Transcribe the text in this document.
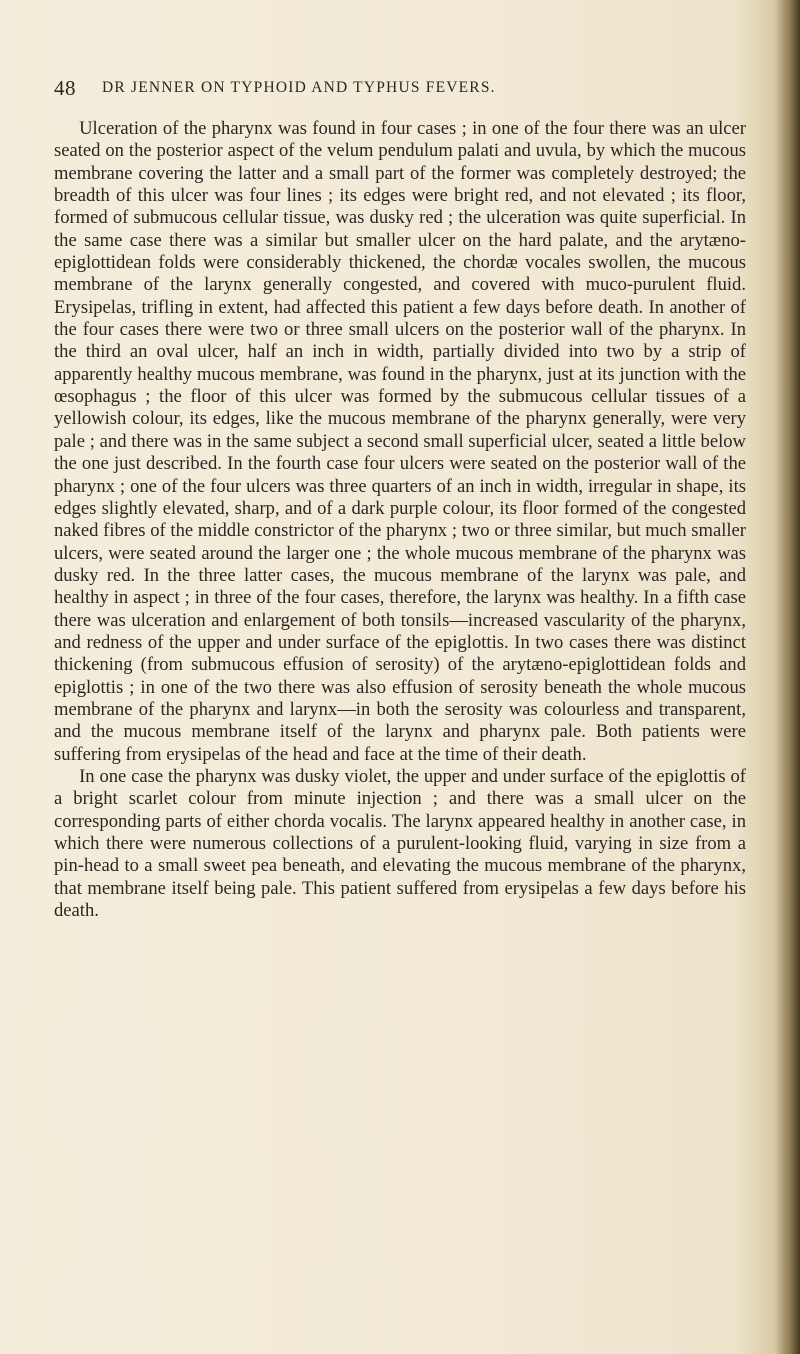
48 DR JENNER ON TYPHOID AND TYPHUS FEVERS.

Ulceration of the pharynx was found in four cases ; in one of the four there was an ulcer seated on the posterior aspect of the velum pendulum palati and uvula, by which the mucous membrane covering the latter and a small part of the former was completely destroyed; the breadth of this ulcer was four lines ; its edges were bright red, and not elevated ; its floor, formed of submucous cellular tissue, was dusky red ; the ulceration was quite superficial. In the same case there was a similar but smaller ulcer on the hard palate, and the arytæno-epiglottidean folds were considerably thickened, the chordæ vocales swollen, the mucous membrane of the larynx generally congested, and covered with muco-purulent fluid. Erysipelas, trifling in extent, had affected this patient a few days before death. In another of the four cases there were two or three small ulcers on the posterior wall of the pharynx. In the third an oval ulcer, half an inch in width, partially divided into two by a strip of apparently healthy mucous membrane, was found in the pharynx, just at its junction with the œsophagus ; the floor of this ulcer was formed by the submucous cellular tissues of a yellowish colour, its edges, like the mucous membrane of the pharynx generally, were very pale ; and there was in the same subject a second small superficial ulcer, seated a little below the one just described. In the fourth case four ulcers were seated on the posterior wall of the pharynx ; one of the four ulcers was three quarters of an inch in width, irregular in shape, its edges slightly elevated, sharp, and of a dark purple colour, its floor formed of the congested naked fibres of the middle constrictor of the pharynx ; two or three similar, but much smaller ulcers, were seated around the larger one ; the whole mucous membrane of the pharynx was dusky red. In the three latter cases, the mucous membrane of the larynx was pale, and healthy in aspect ; in three of the four cases, therefore, the larynx was healthy. In a fifth case there was ulceration and enlargement of both tonsils—increased vascularity of the pharynx, and redness of the upper and under surface of the epiglottis. In two cases there was distinct thickening (from submucous effusion of serosity) of the arytæno-epiglottidean folds and epiglottis ; in one of the two there was also effusion of serosity beneath the whole mucous membrane of the pharynx and larynx—in both the serosity was colourless and transparent, and the mucous membrane itself of the larynx and pharynx pale. Both patients were suffering from erysipelas of the head and face at the time of their death.

In one case the pharynx was dusky violet, the upper and under surface of the epiglottis of a bright scarlet colour from minute injection ; and there was a small ulcer on the corresponding parts of either chorda vocalis. The larynx appeared healthy in another case, in which there were numerous collections of a purulent-looking fluid, varying in size from a pin-head to a small sweet pea beneath, and elevating the mucous membrane of the pharynx, that membrane itself being pale. This patient suffered from erysipelas a few days before his death.
